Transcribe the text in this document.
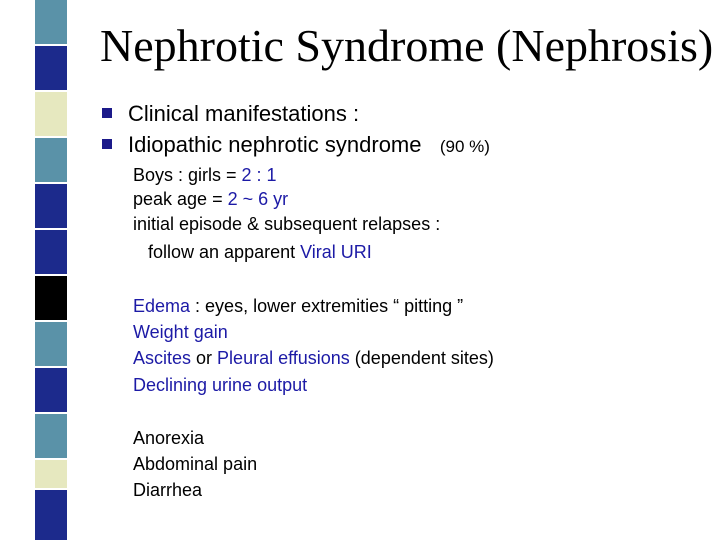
Nephrotic Syndrome (Nephrosis)
Clinical manifestations :
Idiopathic nephrotic syndrome (90 %)
Boys : girls = 2 : 1
peak age = 2 ~ 6 yr
initial episode & subsequent relapses :
follow an apparent Viral URI
Edema : eyes, lower extremities “ pitting ”
Weight gain
Ascites or Pleural effusions (dependent sites)
Declining urine output
Anorexia
Abdominal pain
Diarrhea
